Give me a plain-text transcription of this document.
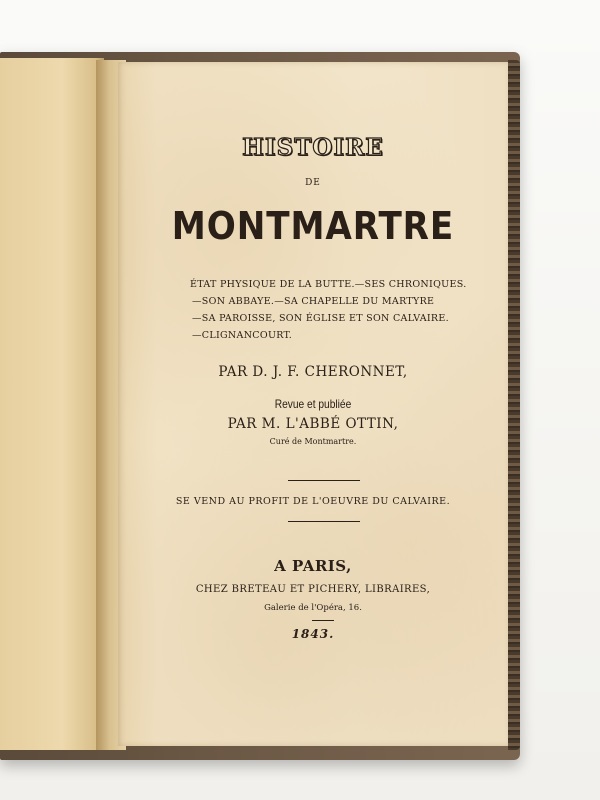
HISTOIRE
DE
MONTMARTRE
ÉTAT PHYSIQUE DE LA BUTTE.—SES CHRONIQUES.
—SON ABBAYE.—SA CHAPELLE DU MARTYRE
—SA PAROISSE, SON ÉGLISE ET SON CALVAIRE.
—CLIGNANCOURT.
PAR D. J. F. CHERONNET,
Revue et publiée
PAR M. L'ABBÉ OTTIN,
Curé de Montmartre.
SE VEND AU PROFIT DE L'OEUVRE DU CALVAIRE.
A PARIS,
CHEZ BRETEAU ET PICHERY, LIBRAIRES,
Galerie de l'Opéra, 16.
1843.
